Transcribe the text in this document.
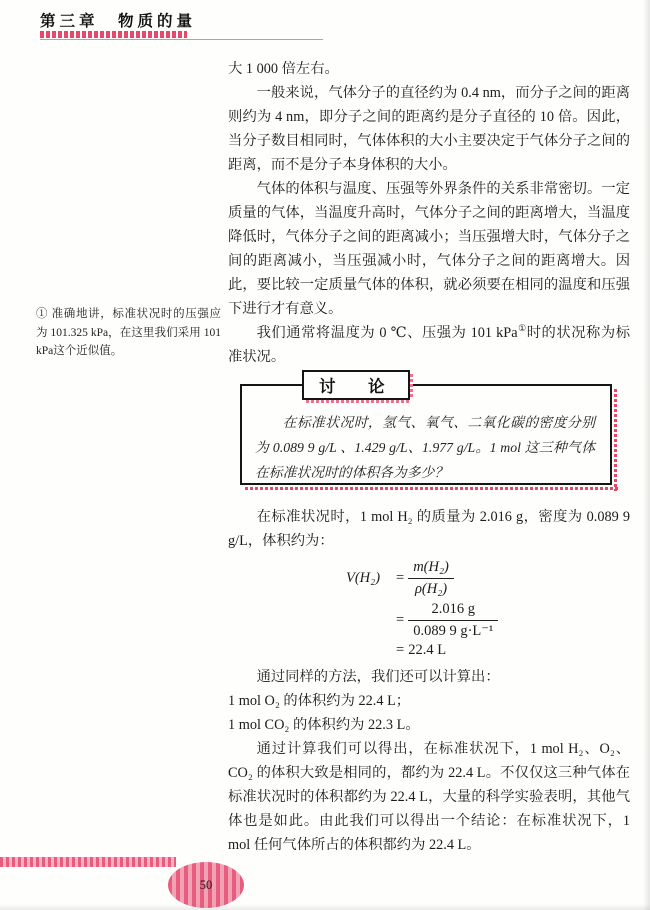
第三章　物质的量
① 准确地讲，标准状况时的压强应为 101.325 kPa，在这里我们采用 101 kPa这个近似值。

大 1 000 倍左右。

一般来说，气体分子的直径约为 0.4 nm，而分子之间的距离则约为 4 nm，即分子之间的距离约是分子直径的 10 倍。因此，当分子数目相同时，气体体积的大小主要决定于气体分子之间的距离，而不是分子本身体积的大小。

气体的体积与温度、压强等外界条件的关系非常密切。一定质量的气体，当温度升高时，气体分子之间的距离增大，当温度降低时，气体分子之间的距离减小；当压强增大时，气体分子之间的距离减小，当压强减小时，气体分子之间的距离增大。因此，要比较一定质量气体的体积，就必须要在相同的温度和压强下进行才有意义。

我们通常将温度为 0 ℃、压强为 101 kPa①时的状况称为标准状况。

讨　论

在标准状况时，氢气、氧气、二氧化碳的密度分别为 0.089 9 g/L 、1.429 g/L、1.977 g/L。1 mol 这三种气体在标准状况时的体积各为多少？

在标准状况时，1 mol H₂ 的质量为 2.016 g，密度为 0.089 9 g/L，体积约为：

V(H₂)	= $\frac{\text{m(H₂)}}{\text{ρ(H₂)}}$
= $\frac{2.016 g}{\text{0.089 9 g·L⁻¹}}$
= 22.4 L

通过同样的方法，我们还可以计算出：

1 mol O₂ 的体积约为 22.4 L；

1 mol CO₂ 的体积约为 22.3 L。

通过计算我们可以得出，在标准状况下，1 mol H₂、O₂、CO₂ 的体积大致是相同的，都约为 22.4 L。不仅仅这三种气体在标准状况时的体积都约为 22.4 L，大量的科学实验表明，其他气体也是如此。由此我们可以得出一个结论：在标准状况下，1 mol 任何气体所占的体积都约为 22.4 L。

50
